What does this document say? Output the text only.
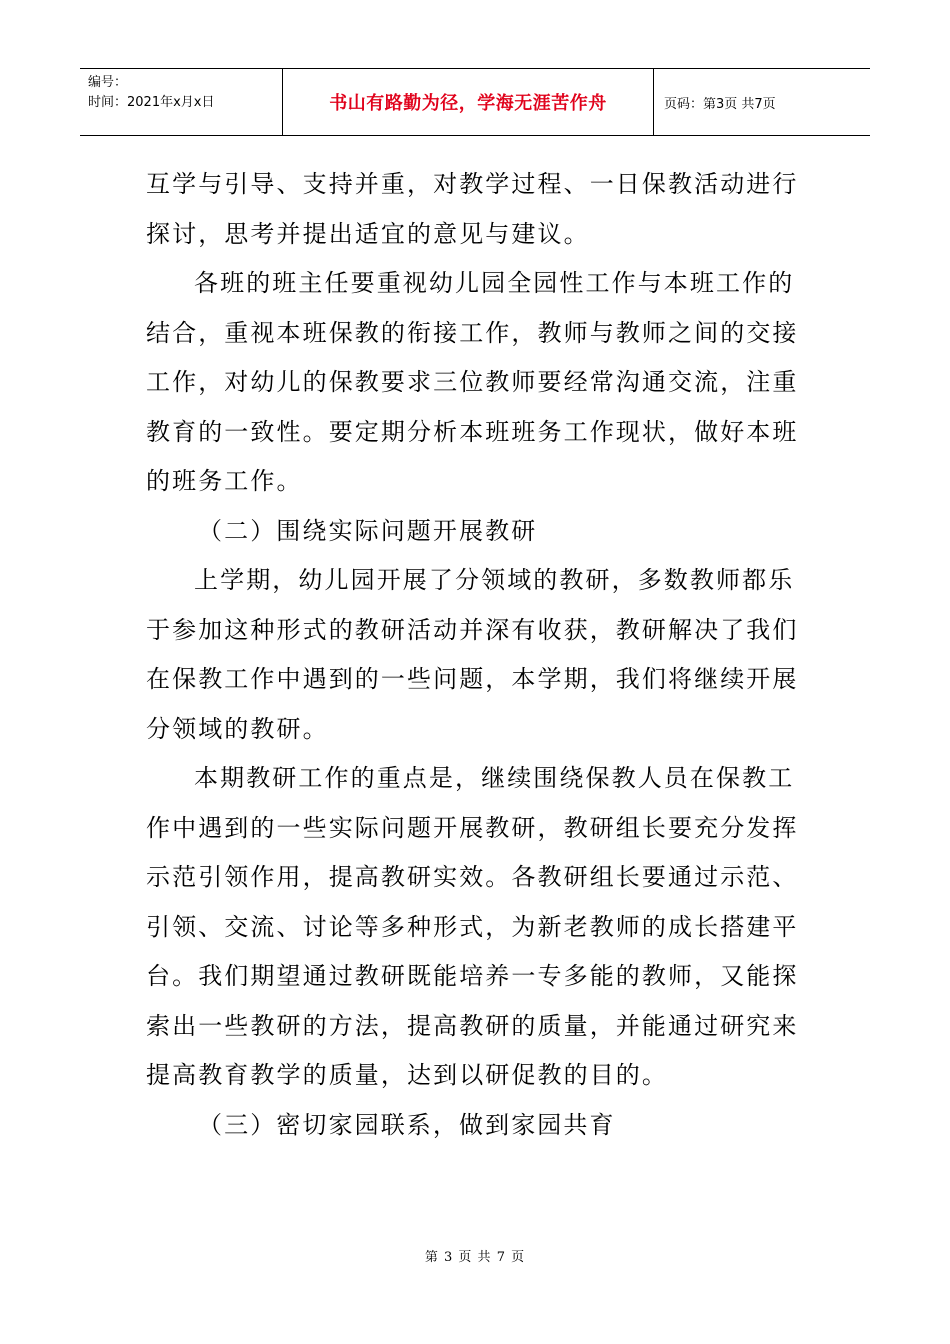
编号：
时间：2021年x月x日	书山有路勤为径，学海无涯苦作舟	页码：第3页 共7页

互学与引导、支持并重，对教学过程、一日保教活动进行探讨，思考并提出适宜的意见与建议。

各班的班主任要重视幼儿园全园性工作与本班工作的结合，重视本班保教的衔接工作，教师与教师之间的交接工作，对幼儿的保教要求三位教师要经常沟通交流，注重教育的一致性。要定期分析本班班务工作现状，做好本班的班务工作。

（二）围绕实际问题开展教研

上学期，幼儿园开展了分领域的教研，多数教师都乐于参加这种形式的教研活动并深有收获，教研解决了我们在保教工作中遇到的一些问题，本学期，我们将继续开展分领域的教研。

本期教研工作的重点是，继续围绕保教人员在保教工作中遇到的一些实际问题开展教研，教研组长要充分发挥示范引领作用，提高教研实效。各教研组长要通过示范、引领、交流、讨论等多种形式，为新老教师的成长搭建平台。我们期望通过教研既能培养一专多能的教师，又能探索出一些教研的方法，提高教研的质量，并能通过研究来提高教育教学的质量，达到以研促教的目的。

（三）密切家园联系，做到家园共育

第 3 页 共 7 页
